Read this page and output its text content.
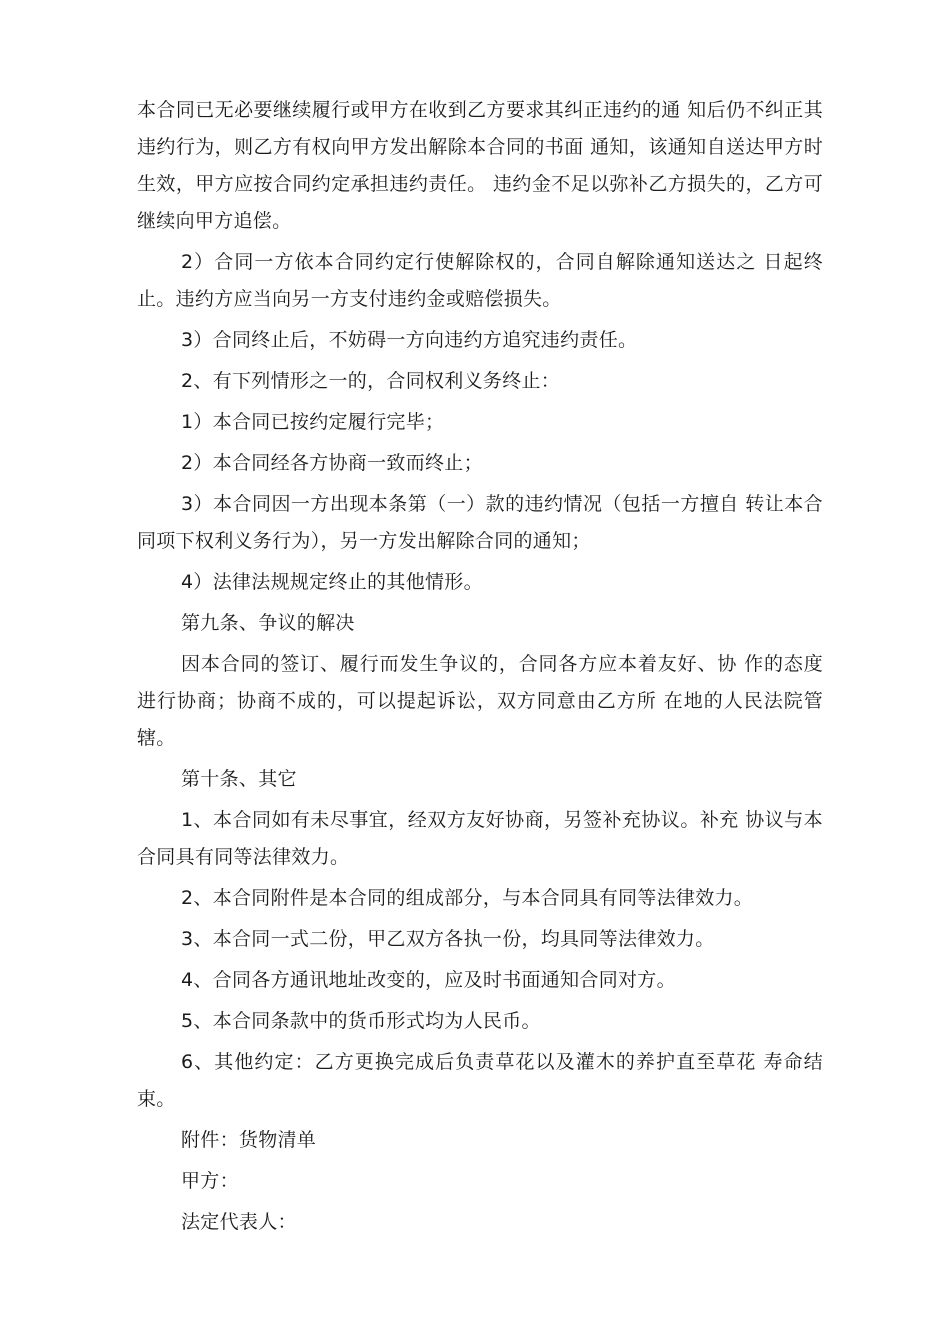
本合同已无必要继续履行或甲方在收到乙方要求其纠正违约的通 知后仍不纠正其违约行为，则乙方有权向甲方发出解除本合同的书面 通知，该通知自送达甲方时生效，甲方应按合同约定承担违约责任。 违约金不足以弥补乙方损失的，乙方可继续向甲方追偿。

2）合同一方依本合同约定行使解除权的，合同自解除通知送达之 日起终止。违约方应当向另一方支付违约金或赔偿损失。

3）合同终止后，不妨碍一方向违约方追究违约责任。

2、有下列情形之一的，合同权利义务终止：

1）本合同已按约定履行完毕；

2）本合同经各方协商一致而终止；

3）本合同因一方出现本条第（一）款的违约情况（包括一方擅自 转让本合同项下权利义务行为），另一方发出解除合同的通知；

4）法律法规规定终止的其他情形。

第九条、争议的解决

因本合同的签订、履行而发生争议的，合同各方应本着友好、协 作的态度进行协商；协商不成的，可以提起诉讼，双方同意由乙方所 在地的人民法院管辖。

第十条、其它

1、本合同如有未尽事宜，经双方友好协商，另签补充协议。补充 协议与本合同具有同等法律效力。

2、本合同附件是本合同的组成部分，与本合同具有同等法律效力。

3、本合同一式二份，甲乙双方各执一份，均具同等法律效力。

4、合同各方通讯地址改变的，应及时书面通知合同对方。

5、本合同条款中的货币形式均为人民币。

6、其他约定：乙方更换完成后负责草花以及灌木的养护直至草花 寿命结束。

附件：货物清单

甲方：

法定代表人：
